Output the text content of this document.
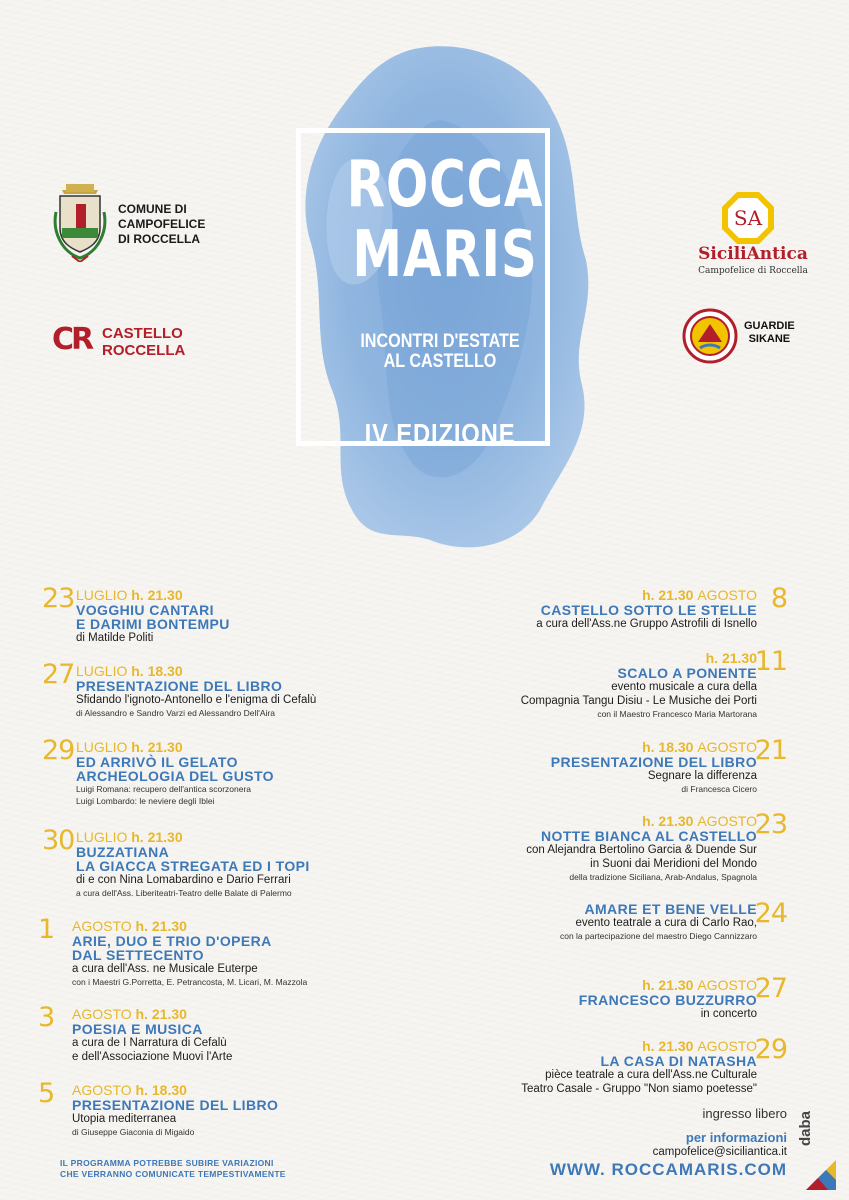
ROCCA
MARIS
INCONTRI D'ESTATE
AL CASTELLO
IV EDIZIONE
COMUNE DI
CAMPOFELICE
DI ROCCELLA
CR CASTELLO
ROCCELLA
SA
SiciliAntica
Campofelice di Roccella
GUARDIE
SIKANE
23 LUGLIO h. 21.30
VOGGHIU CANTARI
E DARIMI BONTEMPU
di Matilde Politi
27 LUGLIO h. 18.30
PRESENTAZIONE DEL LIBRO
Sfidando l'ignoto-Antonello e l'enigma di Cefalù
di Alessandro e Sandro Varzi ed Alessandro Dell'Aira
29 LUGLIO h. 21.30
ED ARRIVÒ IL GELATO
ARCHEOLOGIA DEL GUSTO
Luigi Romana: recupero dell'antica scorzonera
Luigi Lombardo: le neviere degli Iblei
30 LUGLIO h. 21.30
BUZZATIANA
LA GIACCA STREGATA ED I TOPI
di e con Nina Lomabardino e Dario Ferrari
a cura dell'Ass. Liberiteatri-Teatro delle Balate di Palermo
1 AGOSTO h. 21.30
ARIE, DUO E TRIO D'OPERA
DAL SETTECENTO
a cura dell'Ass. ne Musicale Euterpe
con i Maestri G.Porretta, E. Petrancosta, M. Licari, M. Mazzola
3 AGOSTO h. 21.30
POESIA E MUSICA
a cura de I Narratura di Cefalù
e dell'Associazione Muovi l'Arte
5 AGOSTO h. 18.30
PRESENTAZIONE DEL LIBRO
Utopia mediterranea
di Giuseppe Giaconia di Migaido
8
h. 21.30 AGOSTO
CASTELLO SOTTO LE STELLE
a cura dell'Ass.ne Gruppo Astrofili di Isnello
11
h. 21.30
SCALO A PONENTE
evento musicale a cura della
Compagnia Tangu Disiu - Le Musiche dei Porti
con il Maestro Francesco Maria Martorana
21
h. 18.30 AGOSTO
PRESENTAZIONE DEL LIBRO
Segnare la differenza
di Francesca Cicero
23
h. 21.30 AGOSTO
NOTTE BIANCA AL CASTELLO
con Alejandra Bertolino Garcia & Duende Sur
in Suoni dai Meridioni del Mondo
della tradizione Siciliana, Arab-Andalus, Spagnola
24
AMARE ET BENE VELLE
evento teatrale a cura di Carlo Rao,
con la partecipazione del maestro Diego Cannizzaro
27
h. 21.30 AGOSTO
FRANCESCO BUZZURRO
in concerto
29
h. 21.30 AGOSTO
LA CASA DI NATASHA
pièce teatrale a cura dell'Ass.ne Culturale
Teatro Casale - Gruppo "Non siamo poetesse"
IL PROGRAMMA POTREBBE SUBIRE VARIAZIONI
CHE VERRANNO COMUNICATE TEMPESTIVAMENTE
ingresso libero
per informazioni
campofelice@siciliantica.it
WWW. ROCCAMARIS.COM
daba
